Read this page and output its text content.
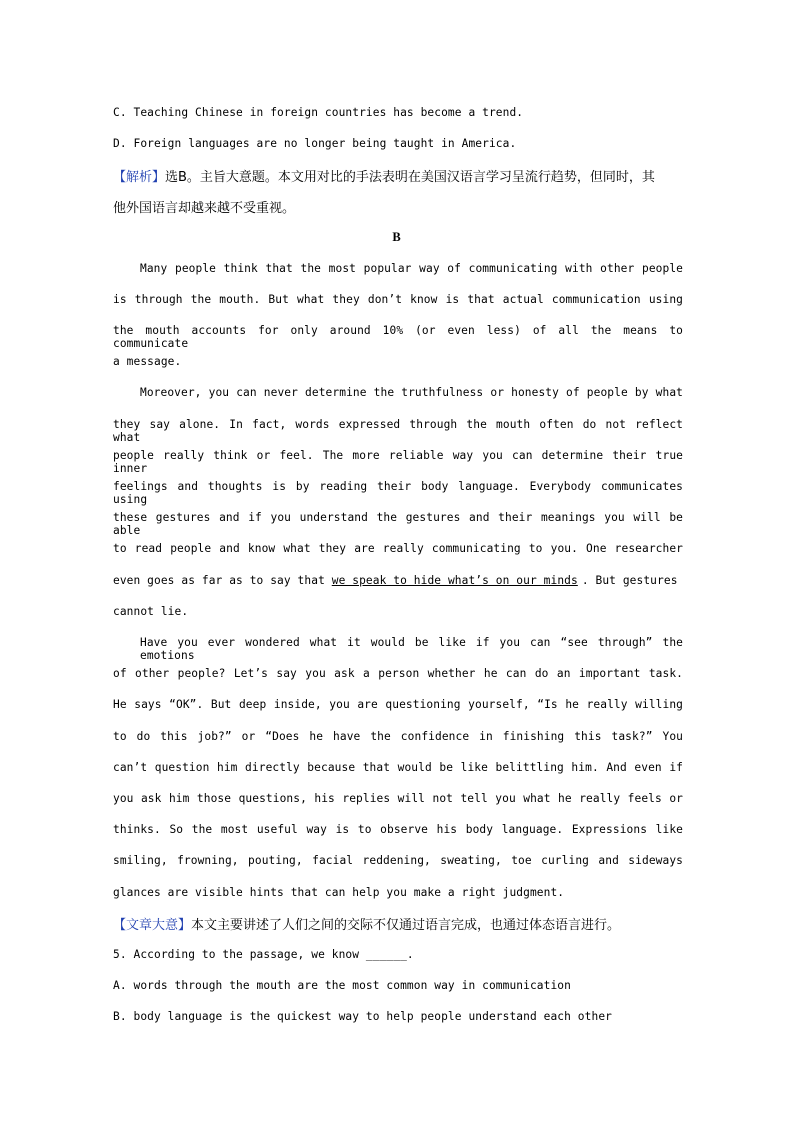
C. Teaching Chinese in foreign countries has become a trend.
D. Foreign languages are no longer being taught in America.
【解析】选B。主旨大意题。本文用对比的手法表明在美国汉语言学习呈流行趋势，但同时，其
他外国语言却越来越不受重视。
B
Many people think that the most popular way of communicating with other people
is through the mouth. But what they don’t know is that actual communication using
the mouth accounts for only around 10% (or even less) of all the means to communicate
a message.
Moreover, you can never determine the truthfulness or honesty of people by what
they say alone. In fact, words expressed through the mouth often do not reflect what
people really think or feel. The more reliable way you can determine their true inner
feelings and thoughts is by reading their body language. Everybody communicates using
these gestures and if you understand the gestures and their meanings you will be able
to read people and know what they are really communicating to you. One researcher
even goes as far as to say that we speak to hide what’s on our minds . But gestures
cannot lie.
Have you ever wondered what it would be like if you can “see through” the emotions
of other people? Let’s say you ask a person whether he can do an important task.
He says “OK”. But deep inside, you are questioning yourself, “Is he really willing
to do this job?” or “Does he have the confidence in finishing this task?” You
can’t question him directly because that would be like belittling him. And even if
you ask him those questions, his replies will not tell you what he really feels or
thinks. So the most useful way is to observe his body language. Expressions like
smiling, frowning, pouting, facial reddening, sweating, toe curling and sideways
glances are visible hints that can help you make a right judgment.
【文章大意】本文主要讲述了人们之间的交际不仅通过语言完成，也通过体态语言进行。
5. According to the passage, we know ______.
A. words through the mouth are the most common way in communication
B. body language is the quickest way to help people understand each other
